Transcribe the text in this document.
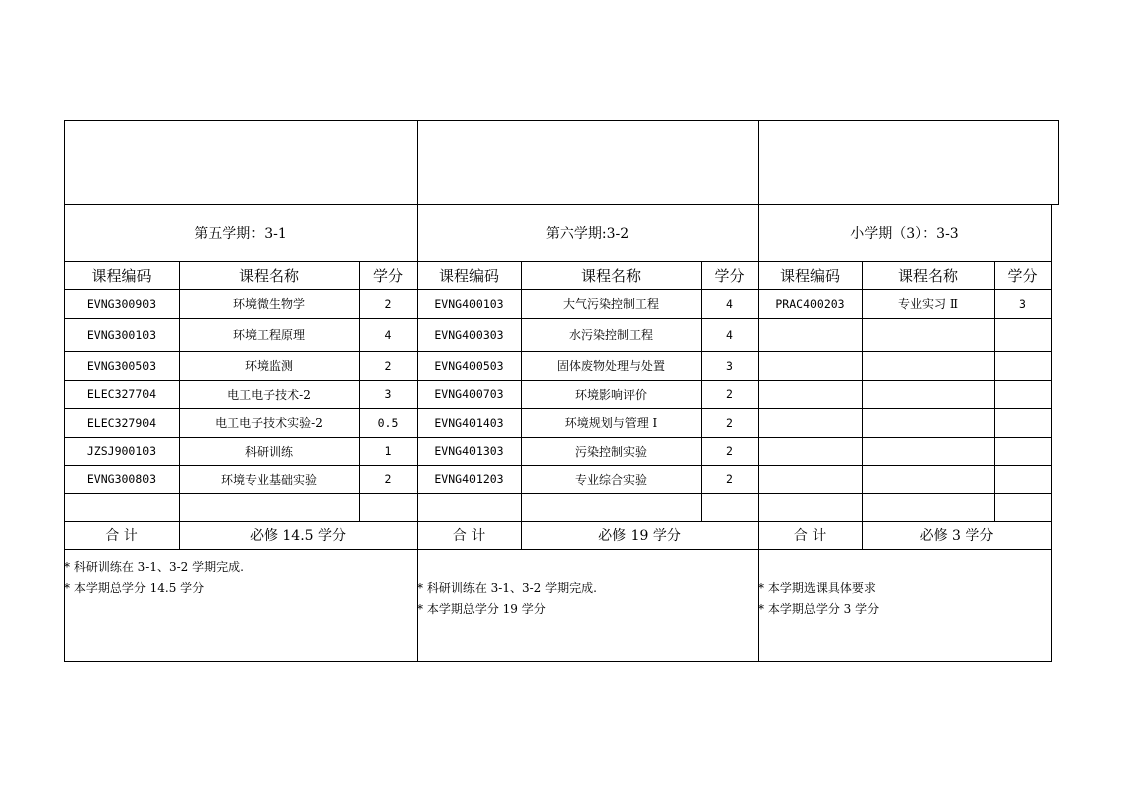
第五学期：3-1
课程编码	课程名称	学分
EVNG300903	环境微生物学	2
EVNG300103	环境工程原理	4
EVNG300503	环境监测	2
ELEC327704	电工电子技术-2	3
ELEC327904	电工电子技术实验-2	0.5
JZSJ900103	科研训练	1
EVNG300803	环境专业基础实验	2
合 计	必修 14.5 学分
* 科研训练在 3-1、3-2 学期完成.
* 本学期总学分 14.5 学分
第六学期:3-2
课程编码	课程名称	学分
EVNG400103	大气污染控制工程	4
EVNG400303	水污染控制工程	4
EVNG400503	固体废物处理与处置	3
EVNG400703	环境影响评价	2
EVNG401403	环境规划与管理 Ⅰ	2
EVNG401303	污染控制实验	2
EVNG401203	专业综合实验	2
合 计	必修 19 学分
* 科研训练在 3-1、3-2 学期完成.
* 本学期总学分 19 学分
小学期（3）：3-3
课程编码	课程名称	学分
PRAC400203	专业实习 Ⅱ	3
合 计	必修 3 学分
* 本学期选课具体要求
* 本学期总学分 3 学分
